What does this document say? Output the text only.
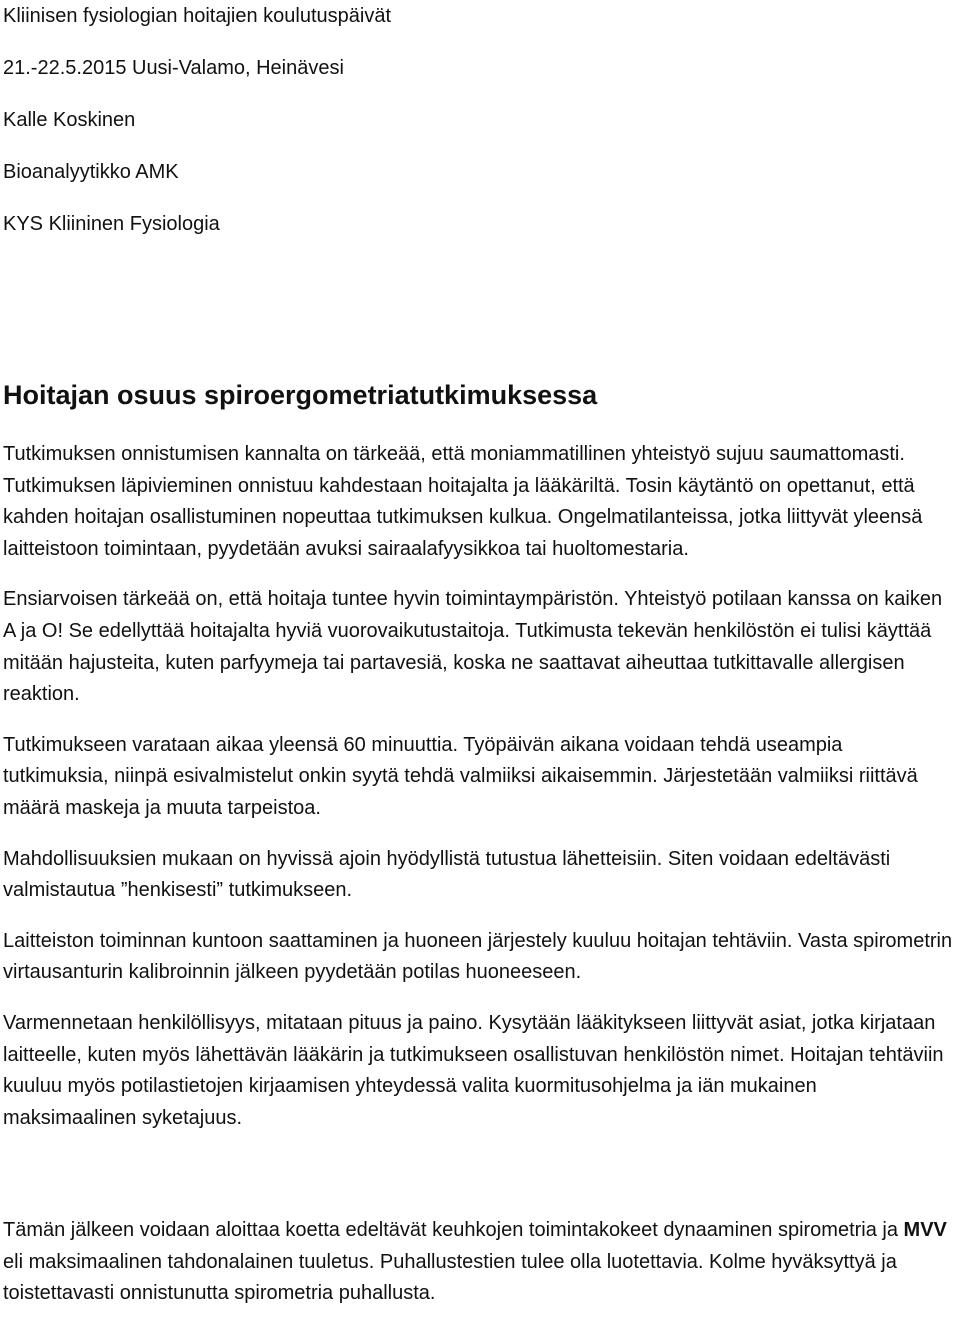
Kliinisen fysiologian hoitajien koulutuspäivät
21.-22.5.2015 Uusi-Valamo, Heinävesi
Kalle Koskinen
Bioanalyytikko AMK
KYS Kliininen Fysiologia
Hoitajan osuus spiroergometriatutkimuksessa

Tutkimuksen onnistumisen kannalta on tärkeää, että moniammatillinen yhteistyö sujuu saumattomasti. Tutkimuksen läpivieminen onnistuu kahdestaan hoitajalta ja lääkäriltä. Tosin käytäntö on opettanut, että kahden hoitajan osallistuminen nopeuttaa tutkimuksen kulkua. Ongelmatilanteissa, jotka liittyvät yleensä laitteistoon toimintaan, pyydetään avuksi sairaalafyysikkoa tai huoltomestaria.

Ensiarvoisen tärkeää on, että hoitaja tuntee hyvin toimintaympäristön. Yhteistyö potilaan kanssa on kaiken A ja O! Se edellyttää hoitajalta hyviä vuorovaikutustaitoja. Tutkimusta tekevän henkilöstön ei tulisi käyttää mitään hajusteita, kuten parfyymeja tai partavesiä, koska ne saattavat aiheuttaa tutkittavalle allergisen reaktion.

Tutkimukseen varataan aikaa yleensä 60 minuuttia. Työpäivän aikana voidaan tehdä useampia tutkimuksia, niinpä esivalmistelut onkin syytä tehdä valmiiksi aikaisemmin. Järjestetään valmiiksi riittävä määrä maskeja ja muuta tarpeistoa.

Mahdollisuuksien mukaan on hyvissä ajoin hyödyllistä tutustua lähetteisiin. Siten voidaan edeltävästi valmistautua ”henkisesti” tutkimukseen.

Laitteiston toiminnan kuntoon saattaminen ja huoneen järjestely kuuluu hoitajan tehtäviin. Vasta spirometrin virtausanturin kalibroinnin jälkeen pyydetään potilas huoneeseen.

Varmennetaan henkilöllisyys, mitataan pituus ja paino. Kysytään lääkitykseen liittyvät asiat, jotka kirjataan laitteelle, kuten myös lähettävän lääkärin ja tutkimukseen osallistuvan henkilöstön nimet. Hoitajan tehtäviin kuuluu myös potilastietojen kirjaamisen yhteydessä valita kuormitusohjelma ja iän mukainen maksimaalinen syketajuus.

Tämän jälkeen voidaan aloittaa koetta edeltävät keuhkojen toimintakokeet dynaaminen spirometria ja MVV eli maksimaalinen tahdonalainen tuuletus. Puhallustestien tulee olla luotettavia. Kolme hyväksyttyä ja toistettavasti onnistunutta spirometria puhallusta.
